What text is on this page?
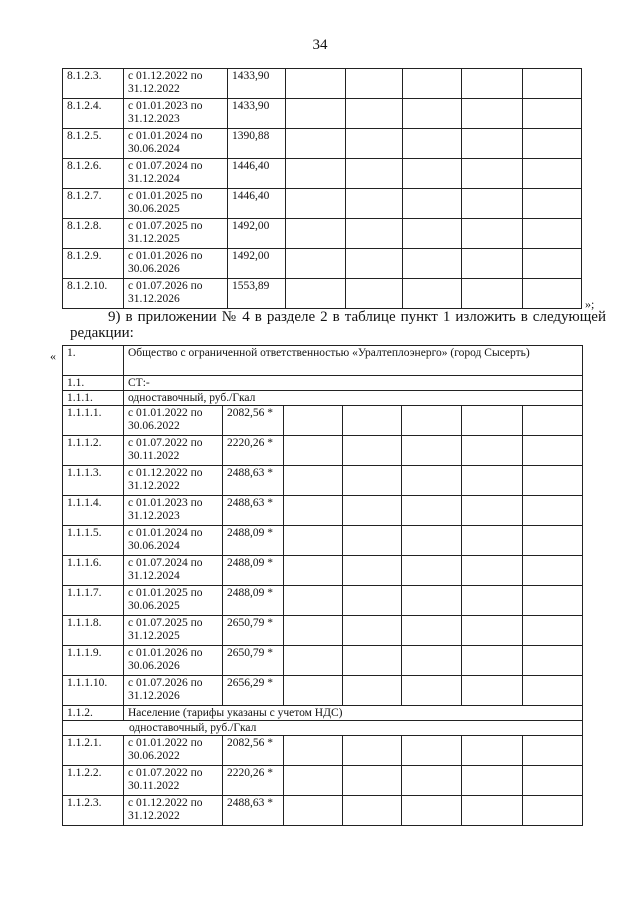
34
8.1.2.3.	с 01.12.2022 по 31.12.2022	1433,90					
8.1.2.4.	с 01.01.2023 по 31.12.2023	1433,90					
8.1.2.5.	с 01.01.2024 по 30.06.2024	1390,88					
8.1.2.6.	с 01.07.2024 по 31.12.2024	1446,40					
8.1.2.7.	с 01.01.2025 по 30.06.2025	1446,40					
8.1.2.8.	с 01.07.2025 по 31.12.2025	1492,00					
8.1.2.9.	с 01.01.2026 по 30.06.2026	1492,00					
8.1.2.10.	с 01.07.2026 по 31.12.2026	1553,89					
»;
9) в приложении № 4 в разделе 2 в таблице пункт 1 изложить в следующей редакции:
« 1.	Общество с ограниченной ответственностью «Уралтеплоэнерго» (город Сысерть)						
1.1.	СТ:-						
1.1.1.	одноставочный, руб./Гкал						
1.1.1.1.	с 01.01.2022 по 30.06.2022	2082,56 *					
1.1.1.2.	с 01.07.2022 по 30.11.2022	2220,26 *					
1.1.1.3.	с 01.12.2022 по 31.12.2022	2488,63 *					
1.1.1.4.	с 01.01.2023 по 31.12.2023	2488,63 *					
1.1.1.5.	с 01.01.2024 по 30.06.2024	2488,09 *					
1.1.1.6.	с 01.07.2024 по 31.12.2024	2488,09 *					
1.1.1.7.	с 01.01.2025 по 30.06.2025	2488,09 *					
1.1.1.8.	с 01.07.2025 по 31.12.2025	2650,79 *					
1.1.1.9.	с 01.01.2026 по 30.06.2026	2650,79 *					
1.1.1.10.	с 01.07.2026 по 31.12.2026	2656,29 *					
1.1.2.	Население (тарифы указаны с учетом НДС)						
одноставочный, руб./Гкал							
1.1.2.1.	с 01.01.2022 по 30.06.2022	2082,56 *					
1.1.2.2.	с 01.07.2022 по 30.11.2022	2220,26 *					
1.1.2.3.	с 01.12.2022 по 31.12.2022	2488,63 *					
